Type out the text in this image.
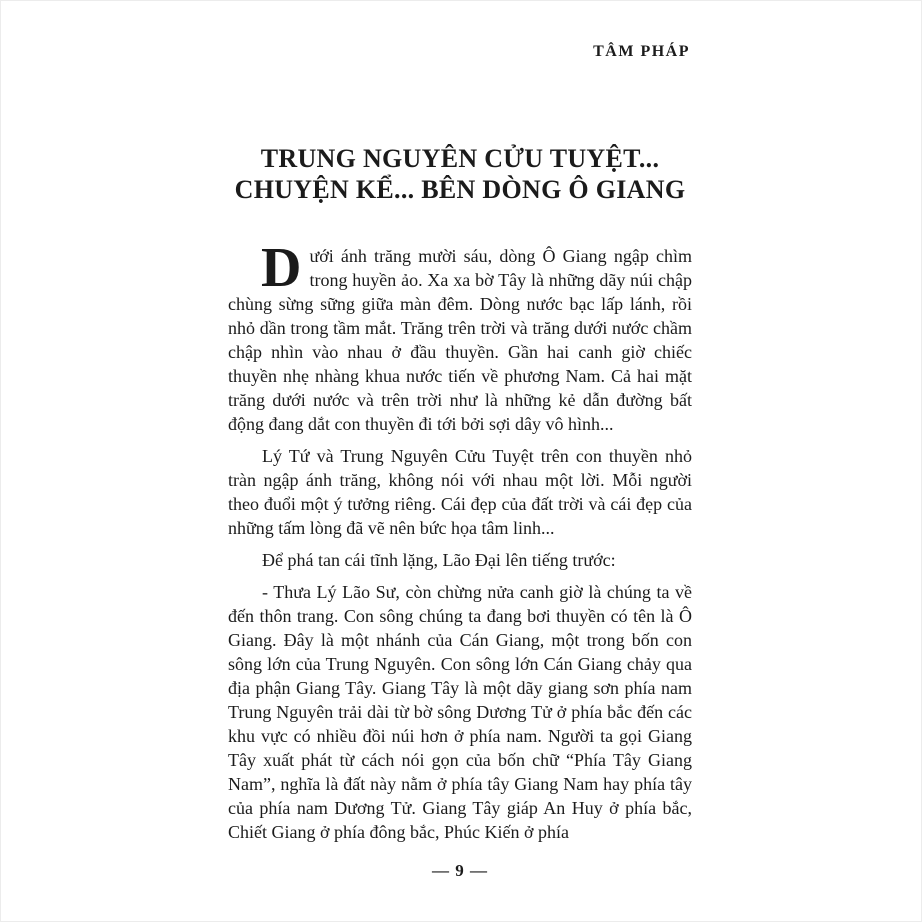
TÂM PHÁP
TRUNG NGUYÊN CỬU TUYỆT...
CHUYỆN KỂ... BÊN DÒNG Ô GIANG

Dưới ánh trăng mười sáu, dòng Ô Giang ngập chìm trong huyền ảo. Xa xa bờ Tây là những dãy núi chập chùng sừng sững giữa màn đêm. Dòng nước bạc lấp lánh, rồi nhỏ dần trong tầm mắt. Trăng trên trời và trăng dưới nước chầm chập nhìn vào nhau ở đầu thuyền. Gần hai canh giờ chiếc thuyền nhẹ nhàng khua nước tiến về phương Nam. Cả hai mặt trăng dưới nước và trên trời như là những kẻ dẫn đường bất động đang dắt con thuyền đi tới bởi sợi dây vô hình...

Lý Tứ và Trung Nguyên Cửu Tuyệt trên con thuyền nhỏ tràn ngập ánh trăng, không nói với nhau một lời. Mỗi người theo đuổi một ý tưởng riêng. Cái đẹp của đất trời và cái đẹp của những tấm lòng đã vẽ nên bức họa tâm linh...

Để phá tan cái tĩnh lặng, Lão Đại lên tiếng trước:

- Thưa Lý Lão Sư, còn chừng nửa canh giờ là chúng ta về đến thôn trang. Con sông chúng ta đang bơi thuyền có tên là Ô Giang. Đây là một nhánh của Cán Giang, một trong bốn con sông lớn của Trung Nguyên. Con sông lớn Cán Giang chảy qua địa phận Giang Tây. Giang Tây là một dãy giang sơn phía nam Trung Nguyên trải dài từ bờ sông Dương Tử ở phía bắc đến các khu vực có nhiều đồi núi hơn ở phía nam. Người ta gọi Giang Tây xuất phát từ cách nói gọn của bốn chữ “Phía Tây Giang Nam”, nghĩa là đất này nằm ở phía tây Giang Nam hay phía tây của phía nam Dương Tử. Giang Tây giáp An Huy ở phía bắc, Chiết Giang ở phía đông bắc, Phúc Kiến ở phía

— 9 —
